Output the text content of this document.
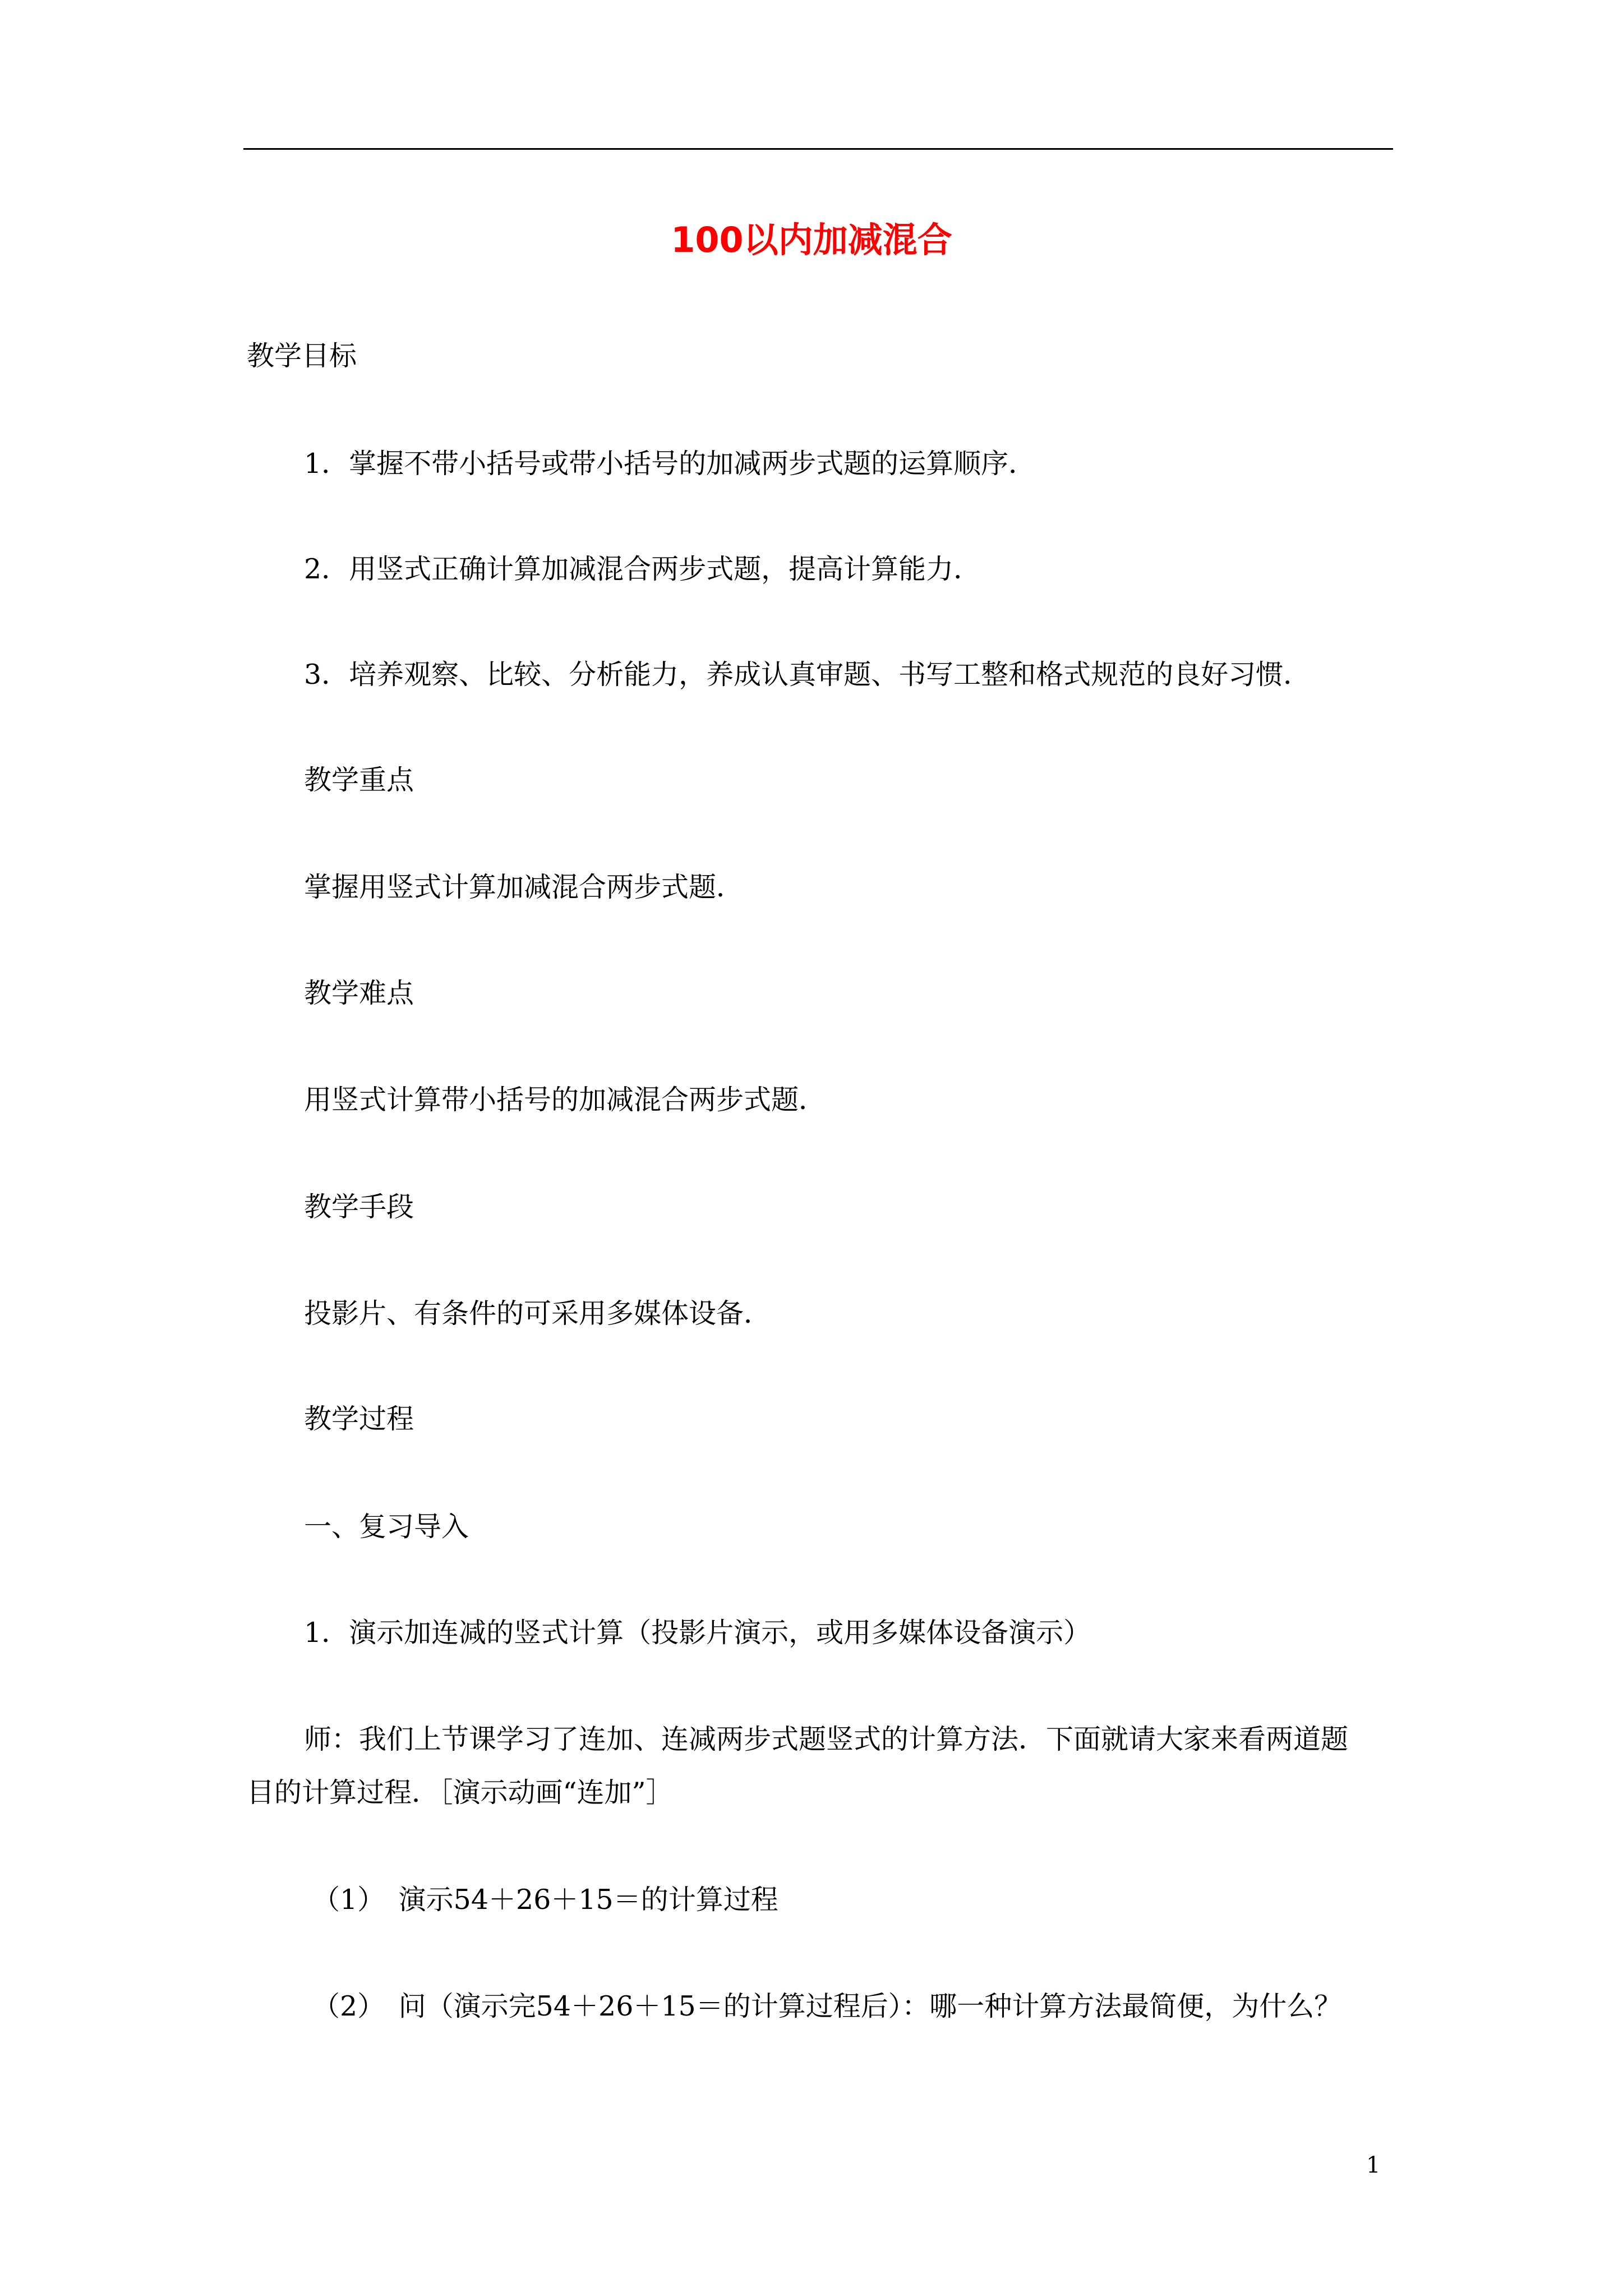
100以内加减混合
教学目标
1．掌握不带小括号或带小括号的加减两步式题的运算顺序．
2．用竖式正确计算加减混合两步式题，提高计算能力．
3．培养观察、比较、分析能力，养成认真审题、书写工整和格式规范的良好习惯．
教学重点
掌握用竖式计算加减混合两步式题．
教学难点
用竖式计算带小括号的加减混合两步式题．
教学手段
投影片、有条件的可采用多媒体设备．
教学过程
一、复习导入
1．演示加连减的竖式计算（投影片演示，或用多媒体设备演示）
师：我们上节课学习了连加、连减两步式题竖式的计算方法．下面就请大家来看两道题
目的计算过程．［演示动画“连加”］
（1）　演示54＋26＋15＝的计算过程
（2）　问（演示完54＋26＋15＝的计算过程后）：哪一种计算方法最简便，为什么？
1
